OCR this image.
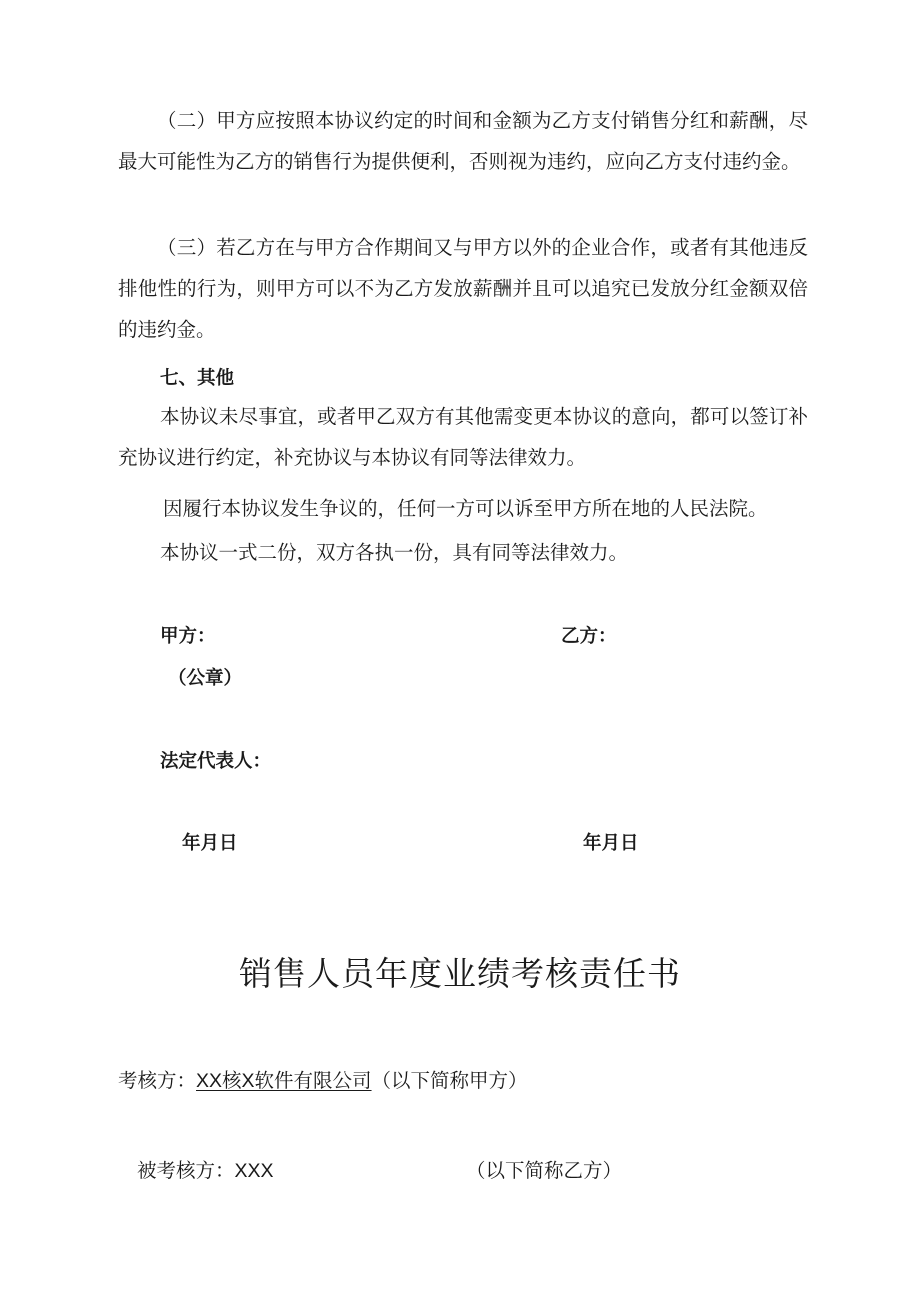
（二）甲方应按照本协议约定的时间和金额为乙方支付销售分红和薪酬，尽最大可能性为乙方的销售行为提供便利，否则视为违约，应向乙方支付违约金。
（三）若乙方在与甲方合作期间又与甲方以外的企业合作，或者有其他违反排他性的行为，则甲方可以不为乙方发放薪酬并且可以追究已发放分红金额双倍的违约金。
七、其他
本协议未尽事宜，或者甲乙双方有其他需变更本协议的意向，都可以签订补充协议进行约定，补充协议与本协议有同等法律效力。
因履行本协议发生争议的，任何一方可以诉至甲方所在地的人民法院。
本协议一式二份，双方各执一份，具有同等法律效力。
甲方：	乙方：
（公章）
法定代表人：
年月日	年月日
销售人员年度业绩考核责任书
考核方：XX核X软件有限公司（以下简称甲方）
被考核方：XXX	（以下简称乙方）
